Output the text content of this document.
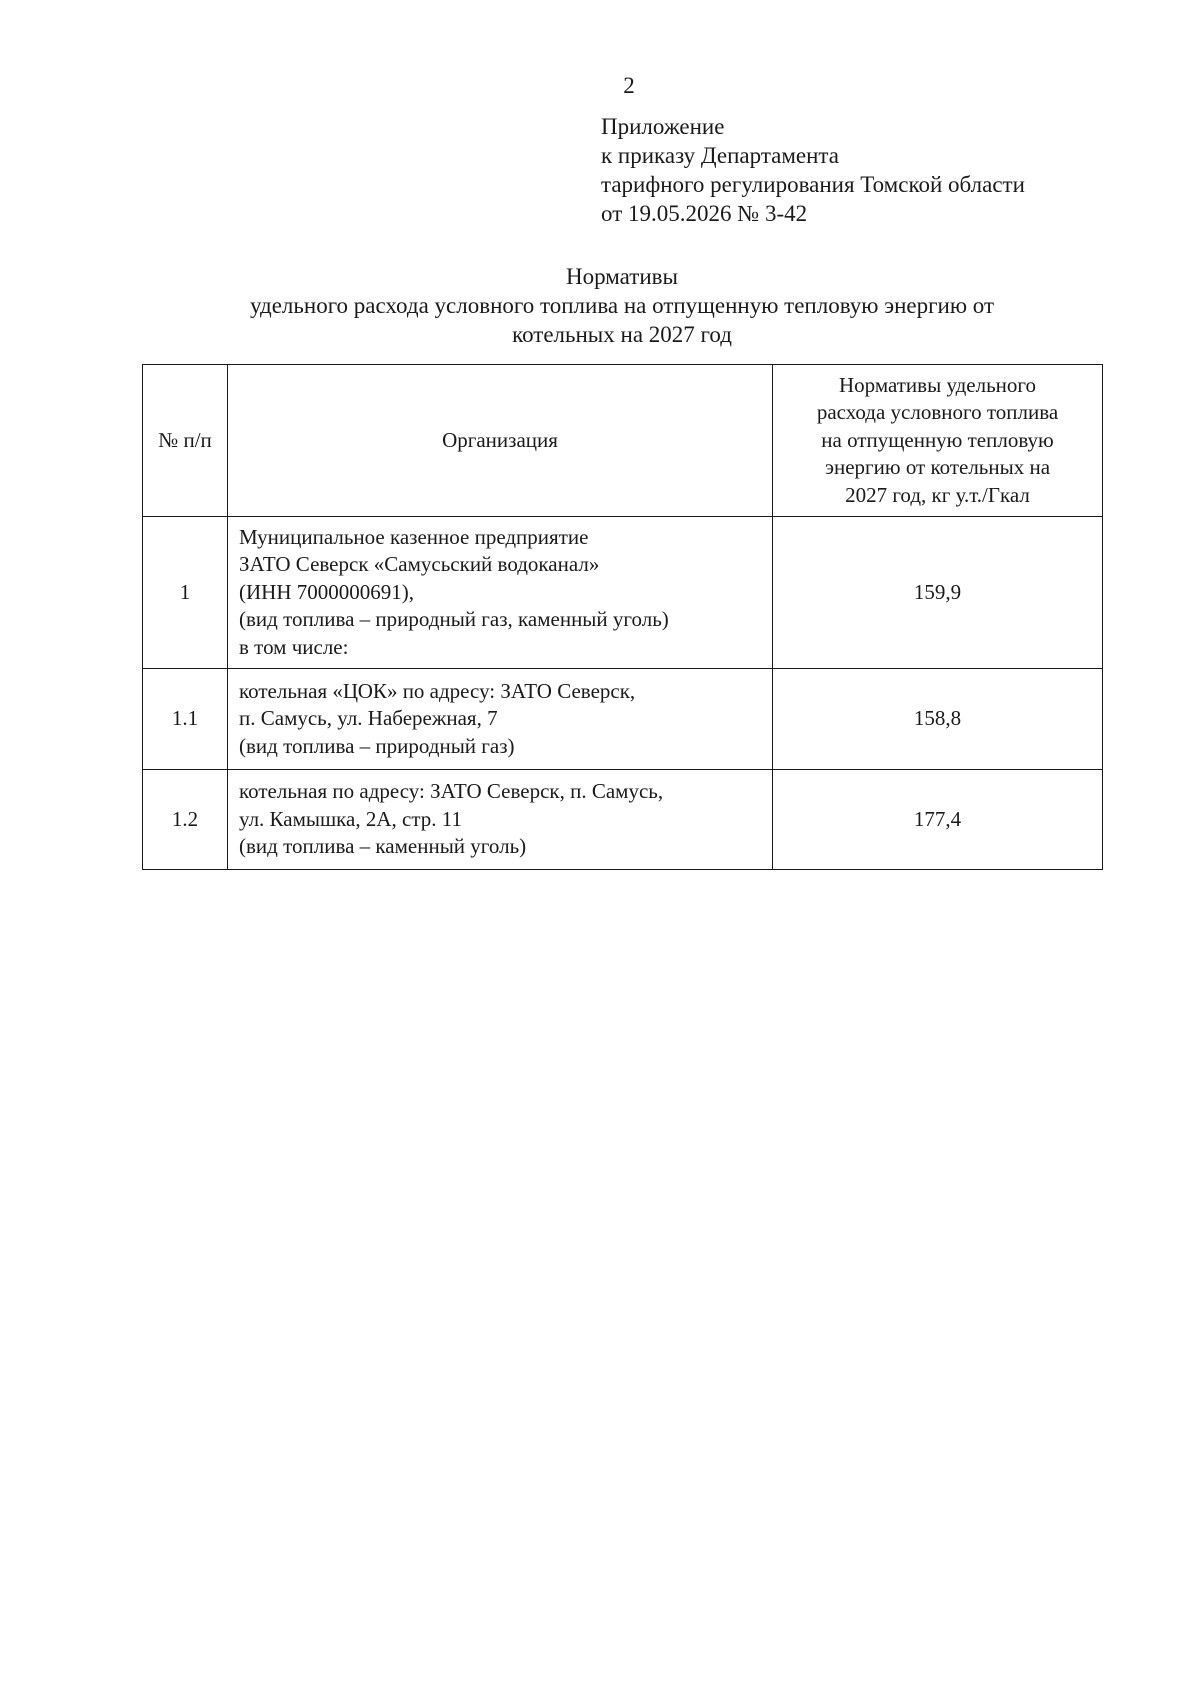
2
Приложение
к приказу Департамента
тарифного регулирования Томской области
от 19.05.2026 № 3-42
Нормативы
удельного расхода условного топлива на отпущенную тепловую энергию от
котельных на 2027 год
№ п/п	Организация	Нормативы удельного
расхода условного топлива
на отпущенную тепловую
энергию от котельных на
2027 год, кг у.т./Гкал

1	Муниципальное казенное предприятие
ЗАТО Северск «Самусьский водоканал»
(ИНН 7000000691),
(вид топлива – природный газ, каменный уголь)
в том числе:	159,9
1.1	котельная «ЦОК» по адресу: ЗАТО Северск,
п. Самусь, ул. Набережная, 7
(вид топлива – природный газ)	158,8
1.2	котельная по адресу: ЗАТО Северск, п. Самусь,
ул. Камышка, 2А, стр. 11
(вид топлива – каменный уголь)	177,4
